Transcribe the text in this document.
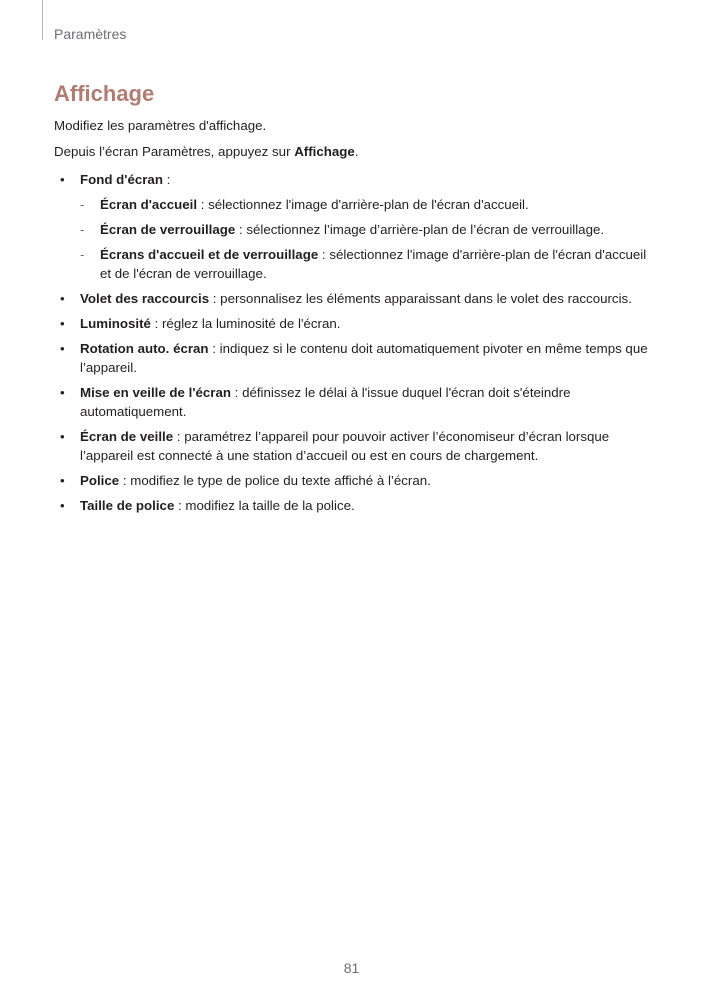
Paramètres
Affichage
Modifiez les paramètres d'affichage.
Depuis l’écran Paramètres, appuyez sur Affichage.
• Fond d'écran :
- Écran d'accueil : sélectionnez l'image d'arrière-plan de l'écran d'accueil.
- Écran de verrouillage : sélectionnez l’image d’arrière-plan de l’écran de verrouillage.
- Écrans d'accueil et de verrouillage : sélectionnez l'image d'arrière-plan de l'écran d'accueil et de l'écran de verrouillage.
• Volet des raccourcis : personnalisez les éléments apparaissant dans le volet des raccourcis.
• Luminosité : réglez la luminosité de l'écran.
• Rotation auto. écran : indiquez si le contenu doit automatiquement pivoter en même temps que l’appareil.
• Mise en veille de l'écran : définissez le délai à l'issue duquel l'écran doit s'éteindre automatiquement.
• Écran de veille : paramétrez l’appareil pour pouvoir activer l’économiseur d’écran lorsque l’appareil est connecté à une station d’accueil ou est en cours de chargement.
• Police : modifiez le type de police du texte affiché à l’écran.
• Taille de police : modifiez la taille de la police.
81
